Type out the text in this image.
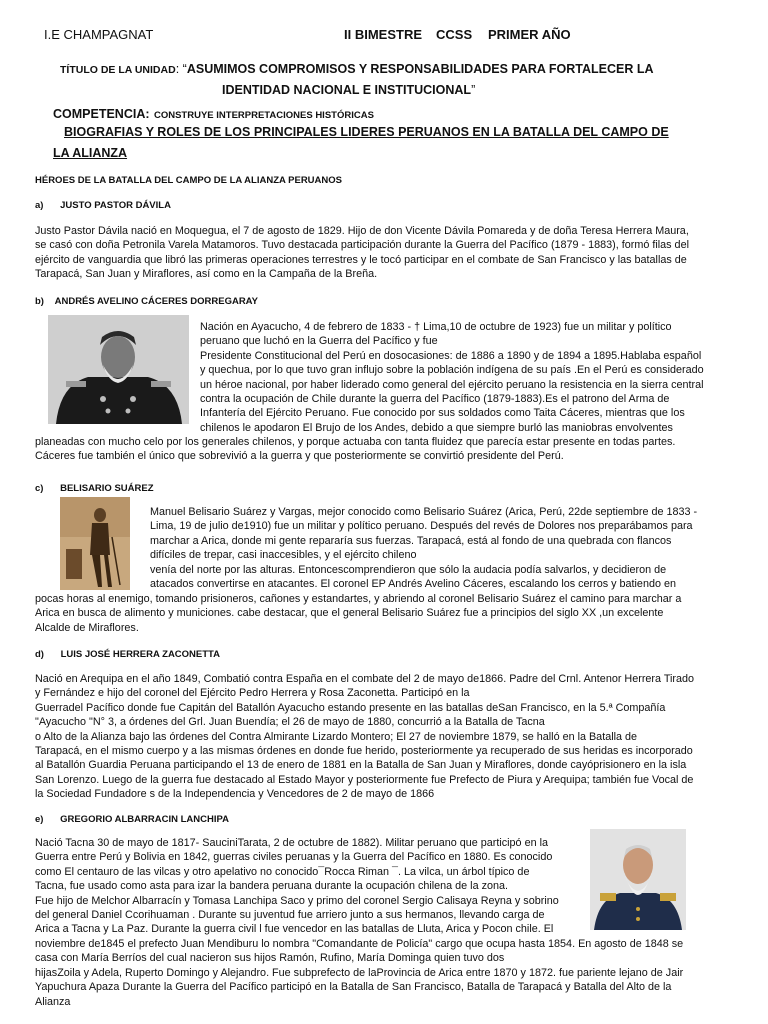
I.E CHAMPAGNAT	II BIMESTRE CCSS PRIMER AÑO
TÍTULO DE LA UNIDAD: “ASUMIMOS COMPROMISOS Y RESPONSABILIDADES PARA FORTALECER LA
IDENTIDAD NACIONAL E INSTITUCIONAL”
COMPETENCIA: CONSTRUYE INTERPRETACIONES HISTÓRICAS
BIOGRAFIAS Y ROLES DE LOS PRINCIPALES LIDERES PERUANOS EN LA BATALLA DEL CAMPO DE
LA ALIANZA
HÉROES DE LA BATALLA DEL CAMPO DE LA ALIANZA PERUANOS
a) JUSTO PASTOR DÁVILA
Justo Pastor Dávila nació en Moquegua, el 7 de agosto de 1829. Hijo de don Vicente Dávila Pomareda y de doña Teresa Herrera Maura,
se casó con doña Petronila Varela Matamoros. Tuvo destacada participación durante la Guerra del Pacífico (1879 - 1883), formó filas del
ejército de vanguardia que libró las primeras operaciones terrestres y le tocó participar en el combate de San Francisco y las batallas de
Tarapacá, San Juan y Miraflores, así como en la Campaña de la Breña.
b) ANDRÉS AVELINO CÁCERES DORREGARAY
Nación en Ayacucho, 4 de febrero de 1833 - † Lima,10 de octubre de 1923) fue un militar y político
peruano que luchó en la Guerra del Pacífico y fue
Presidente Constitucional del Perú en dosocasiones: de 1886 a 1890 y de 1894 a 1895.Hablaba español
y quechua, por lo que tuvo gran influjo sobre la población indígena de su país .En el Perú es considerado
un héroe nacional, por haber liderado como general del ejército peruano la resistencia en la sierra central
contra la ocupación de Chile durante la guerra del Pacífico (1879-1883).Es el patrono del Arma de
Infantería del Ejército Peruano. Fue conocido por sus soldados como Taita Cáceres, mientras que los
chilenos le apodaron El Brujo de los Andes, debido a que siempre burló las maniobras envolventes
planeadas con mucho celo por los generales chilenos, y porque actuaba con tanta fluidez que parecía estar presente en todas partes.
Cáceres fue también el único que sobrevivió a la guerra y que posteriormente se convirtió presidente del Perú.
c) BELISARIO SUÁREZ
Manuel Belisario Suárez y Vargas, mejor conocido como Belisario Suárez (Arica, Perú, 22de septiembre de 1833 -
Lima, 19 de julio de1910) fue un militar y político peruano. Después del revés de Dolores nos preparábamos para
marchar a Arica, donde mi gente repararía sus fuerzas. Tarapacá, está al fondo de una quebrada con flancos
difíciles de trepar, casi inaccesibles, y el ejército chileno
venía del norte por las alturas. Entoncescomprendieron que sólo la audacia podía salvarlos, y decidieron de
atacados convertirse en atacantes. El coronel EP Andrés Avelino Cáceres, escalando los cerros y batiendo en
pocas horas al enemigo, tomando prisioneros, cañones y estandartes, y abriendo al coronel Belisario Suárez el camino para marchar a
Arica en busca de alimento y municiones. cabe destacar, que el general Belisario Suárez fue a principios del siglo XX ,un excelente
Alcalde de Miraflores.
d) LUIS JOSÉ HERRERA ZACONETTA
Nació en Arequipa en el año 1849, Combatió contra España en el combate del 2 de mayo de1866. Padre del Crnl. Antenor Herrera Tirado
y Fernández e hijo del coronel del Ejército Pedro Herrera y Rosa Zaconetta. Participó en la
Guerradel Pacífico donde fue Capitán del Batallón Ayacucho estando presente en las batallas deSan Francisco, en la 5.ª Compañía
"Ayacucho "N° 3, a órdenes del Grl. Juan Buendía; el 26 de mayo de 1880, concurrió a la Batalla de Tacna
o Alto de la Alianza bajo las órdenes del Contra Almirante Lizardo Montero; El 27 de noviembre 1879, se halló en la Batalla de
Tarapacá, en el mismo cuerpo y a las mismas órdenes en donde fue herido, posteriormente ya recuperado de sus heridas es incorporado
al Batallón Guardia Peruana participando el 13 de enero de 1881 en la Batalla de San Juan y Miraflores, donde cayóprisionero en la isla
San Lorenzo. Luego de la guerra fue destacado al Estado Mayor y posteriormente fue Prefecto de Piura y Arequipa; también fue Vocal de
la Sociedad Fundadore s de la Independencia y Vencedores de 2 de mayo de 1866
e) GREGORIO ALBARRACIN LANCHIPA
Nació Tacna 30 de mayo de 1817- SauciniTarata, 2 de octubre de 1882). Militar peruano que participó en la
Guerra entre Perú y Bolivia en 1842, guerras civiles peruanas y la Guerra del Pacífico en 1880. Es conocido
como El centauro de las vilcas y otro apelativo no conocido¯Rocca Riman ¯. La vilca, un árbol típico de
Tacna, fue usado como asta para izar la bandera peruana durante la ocupación chilena de la zona.
Fue hijo de Melchor Albarracín y Tomasa Lanchipa Saco y primo del coronel Sergio Calisaya Reyna y sobrino
del general Daniel Ccorihuaman . Durante su juventud fue arriero junto a sus hermanos, llevando carga de
Arica a Tacna y La Paz. Durante la guerra civil l fue vencedor en las batallas de Lluta, Arica y Pocon chile. El
noviembre de1845 el prefecto Juan Mendiburu lo nombra "Comandante de Policía" cargo que ocupa hasta 1854. En agosto de 1848 se
casa con María Berríos del cual nacieron sus hijos Ramón, Rufino, María Dominga quien tuvo dos
hijasZoila y Adela, Ruperto Domingo y Alejandro. Fue subprefecto de laProvincia de Arica entre 1870 y 1872. fue pariente lejano de Jair
Yapuchura Apaza Durante la Guerra del Pacífico participó en la Batalla de San Francisco, Batalla de Tarapacá y Batalla del Alto de la
Alianza
